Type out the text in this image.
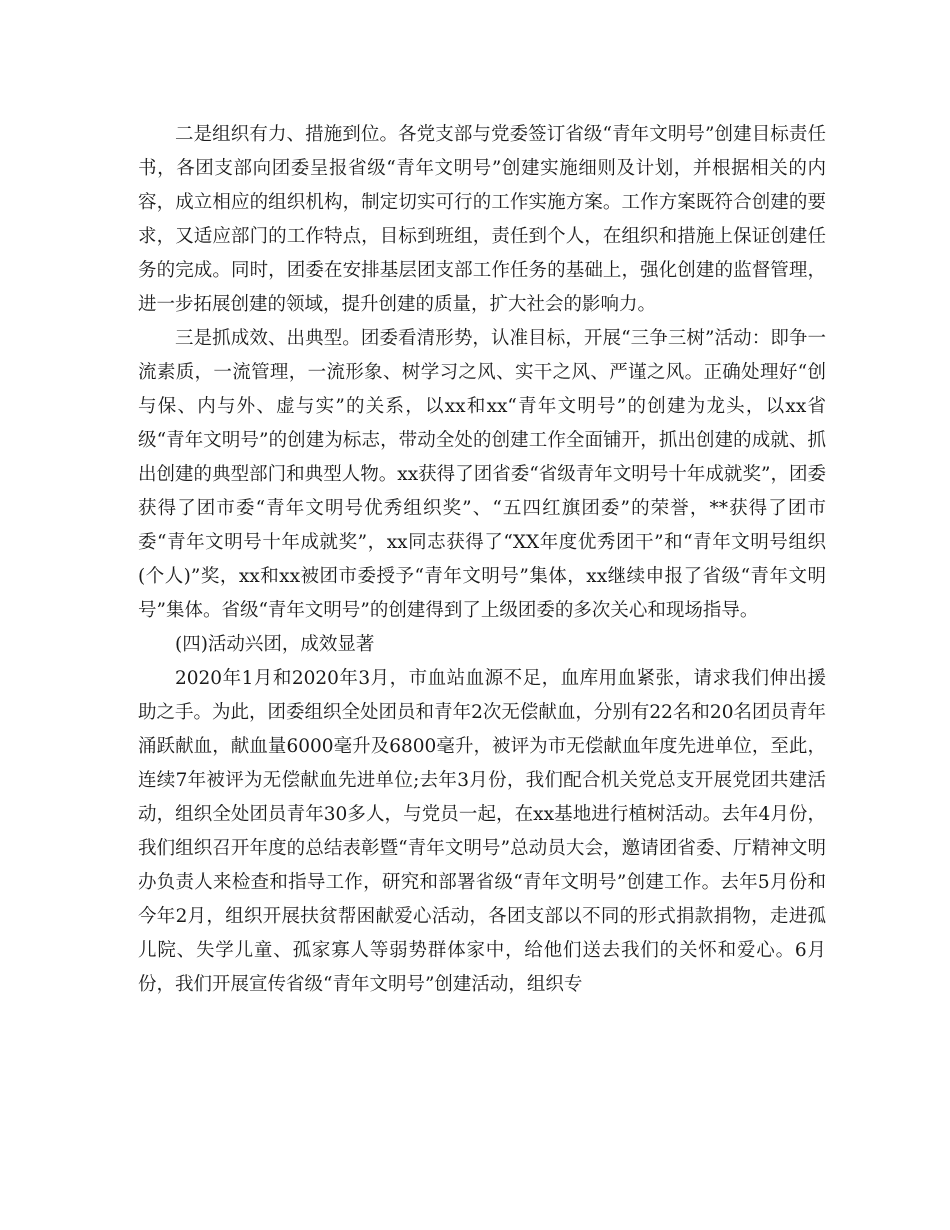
二是组织有力、措施到位。各党支部与党委签订省级“青年文明号”创建目标责任书，各团支部向团委呈报省级“青年文明号”创建实施细则及计划，并根据相关的内容，成立相应的组织机构，制定切实可行的工作实施方案。工作方案既符合创建的要求，又适应部门的工作特点，目标到班组，责任到个人，在组织和措施上保证创建任务的完成。同时，团委在安排基层团支部工作任务的基础上，强化创建的监督管理，进一步拓展创建的领域，提升创建的质量，扩大社会的影响力。

三是抓成效、出典型。团委看清形势，认准目标，开展“三争三树”活动：即争一流素质，一流管理，一流形象、树学习之风、实干之风、严谨之风。正确处理好“创与保、内与外、虚与实”的关系，以xx和xx“青年文明号”的创建为龙头，以xx省级“青年文明号”的创建为标志，带动全处的创建工作全面铺开，抓出创建的成就、抓出创建的典型部门和典型人物。xx获得了团省委“省级青年文明号十年成就奖”，团委获得了团市委“青年文明号优秀组织奖”、“五四红旗团委”的荣誉，**获得了团市委“青年文明号十年成就奖”，xx同志获得了“XX年度优秀团干”和“青年文明号组织(个人)”奖，xx和xx被团市委授予“青年文明号”集体，xx继续申报了省级“青年文明号”集体。省级“青年文明号”的创建得到了上级团委的多次关心和现场指导。

(四)活动兴团，成效显著

2020年1月和2020年3月，市血站血源不足，血库用血紧张，请求我们伸出援助之手。为此，团委组织全处团员和青年2次无偿献血，分别有22名和20名团员青年涌跃献血，献血量6000毫升及6800毫升，被评为市无偿献血年度先进单位，至此，连续7年被评为无偿献血先进单位;去年3月份，我们配合机关党总支开展党团共建活动，组织全处团员青年30多人，与党员一起，在xx基地进行植树活动。去年4月份，我们组织召开年度的总结表彰暨“青年文明号”总动员大会，邀请团省委、厅精神文明办负责人来检查和指导工作，研究和部署省级“青年文明号”创建工作。去年5月份和今年2月，组织开展扶贫帮困献爱心活动，各团支部以不同的形式捐款捐物，走进孤儿院、失学儿童、孤家寡人等弱势群体家中，给他们送去我们的关怀和爱心。6月份，我们开展宣传省级“青年文明号”创建活动，组织专
